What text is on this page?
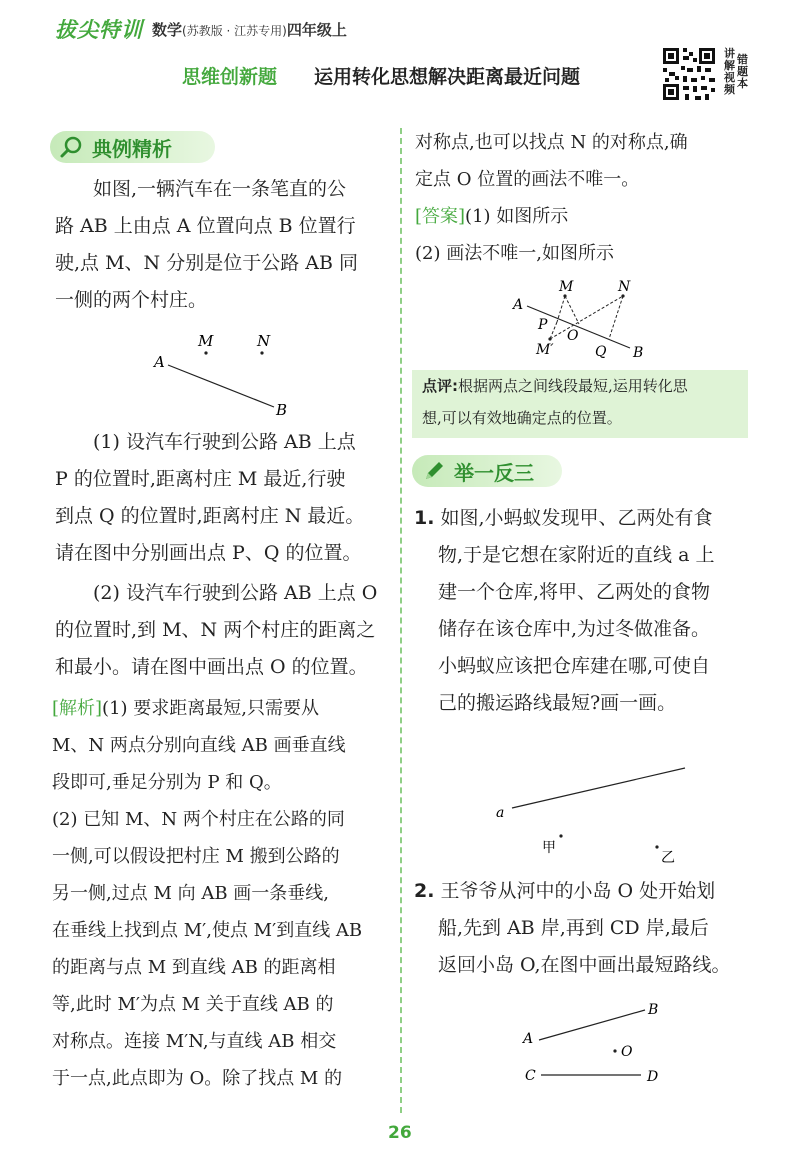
拔尖特训 数学(苏教版 · 江苏专用)四年级上
思维创新题 运用转化思想解决距离最近问题
讲解视频
错题本
典例精析
如图,一辆汽车在一条笔直的公
路 AB 上由点 A 位置向点 B 位置行
驶,点 M、N 分别是位于公路 AB 同
一侧的两个村庄。
A
B
M	N
(1) 设汽车行驶到公路 AB 上点
P 的位置时,距离村庄 M 最近,行驶
到点 Q 的位置时,距离村庄 N 最近。
请在图中分别画出点 P、Q 的位置。
(2) 设汽车行驶到公路 AB 上点 O
的位置时,到 M、N 两个村庄的距离之
和最小。请在图中画出点 O 的位置。
[解析](1) 要求距离最短,只需要从
M、N 两点分别向直线 AB 画垂直线
段即可,垂足分别为 P 和 Q。
(2) 已知 M、N 两个村庄在公路的同
一侧,可以假设把村庄 M 搬到公路的
另一侧,过点 M 向 AB 画一条垂线,
在垂线上找到点 M′,使点 M′到直线 AB
的距离与点 M 到直线 AB 的距离相
等,此时 M′为点 M 关于直线 AB 的
对称点。连接 M′N,与直线 AB 相交
于一点,此点即为 O。除了找点 M 的
对称点,也可以找点 N 的对称点,确
定点 O 位置的画法不唯一。
[答案](1) 如图所示
(2) 画法不唯一,如图所示
A
B
M	N
P
O
Q
M′
点评:根据两点之间线段最短,运用转化思
想,可以有效地确定点的位置。
举一反三
1. 如图,小蚂蚁发现甲、乙两处有食
物,于是它想在家附近的直线 a 上
建一个仓库,将甲、乙两处的食物
储存在该仓库中,为过冬做准备。
小蚂蚁应该把仓库建在哪,可使自
己的搬运路线最短?画一画。
a
甲
乙
2. 王爷爷从河中的小岛 O 处开始划
船,先到 AB 岸,再到 CD 岸,最后
返回小岛 O,在图中画出最短路线。
A
B
C	D
O
26
